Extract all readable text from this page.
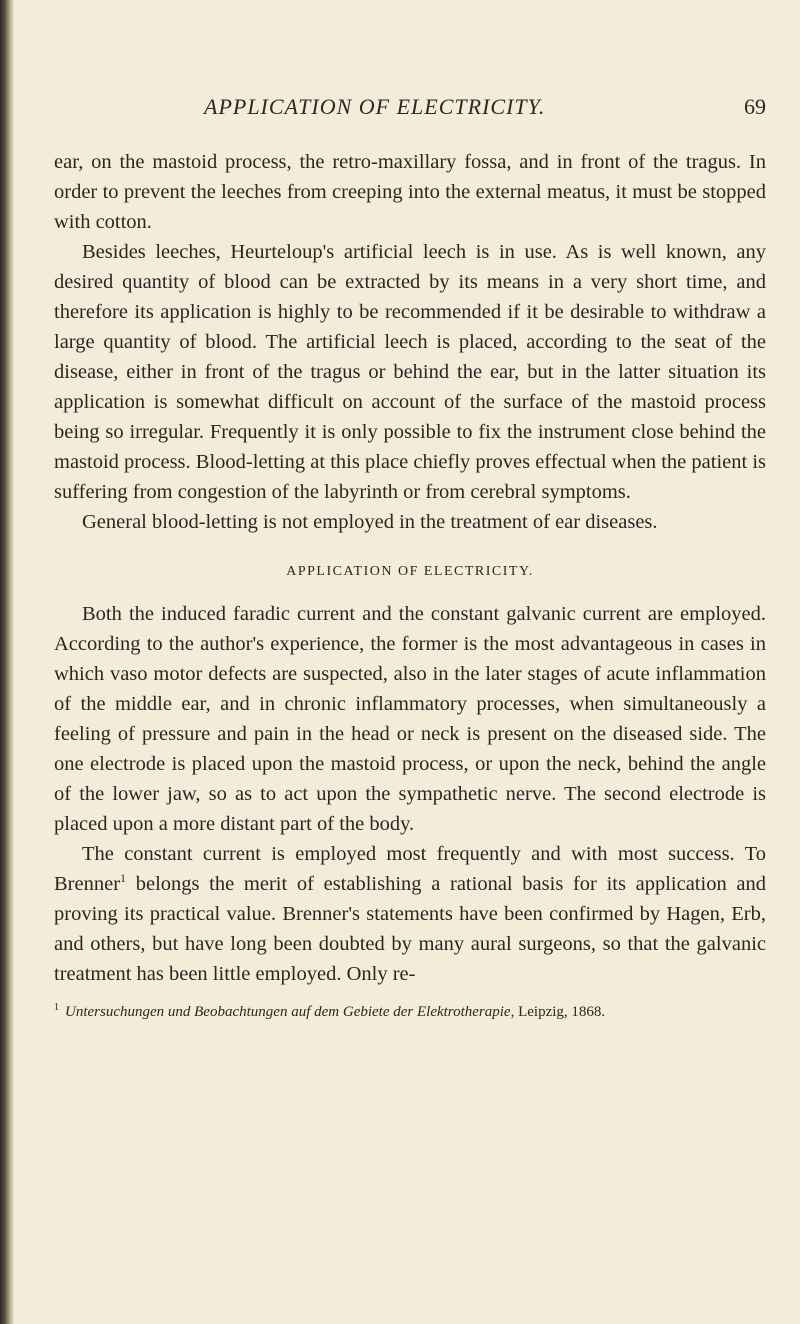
APPLICATION OF ELECTRICITY.	69

ear, on the mastoid process, the retro-maxillary fossa, and in front of the tragus. In order to prevent the leeches from creeping into the external meatus, it must be stopped with cotton.

Besides leeches, Heurteloup's artificial leech is in use. As is well known, any desired quantity of blood can be extracted by its means in a very short time, and therefore its application is highly to be recommended if it be desirable to withdraw a large quantity of blood. The artificial leech is placed, according to the seat of the disease, either in front of the tragus or behind the ear, but in the latter situation its application is somewhat difficult on account of the surface of the mastoid process being so irregular. Frequently it is only possible to fix the instrument close behind the mastoid process. Blood-letting at this place chiefly proves effectual when the patient is suffering from congestion of the labyrinth or from cerebral symptoms.

General blood-letting is not employed in the treatment of ear diseases.

APPLICATION OF ELECTRICITY.

Both the induced faradic current and the constant galvanic current are employed. According to the author's experience, the former is the most advantageous in cases in which vaso motor defects are suspected, also in the later stages of acute inflammation of the middle ear, and in chronic inflammatory processes, when simultaneously a feeling of pressure and pain in the head or neck is present on the diseased side. The one electrode is placed upon the mastoid process, or upon the neck, behind the angle of the lower jaw, so as to act upon the sympathetic nerve. The second electrode is placed upon a more distant part of the body.

The constant current is employed most frequently and with most success. To Brenner$^1$ belongs the merit of establishing a rational basis for its application and proving its practical value. Brenner's statements have been confirmed by Hagen, Erb, and others, but have long been doubted by many aural surgeons, so that the galvanic treatment has been little employed. Only re-

$^1$ Untersuchungen und Beobachtungen auf dem Gebiete der Elektrotherapie, Leipzig, 1868.
